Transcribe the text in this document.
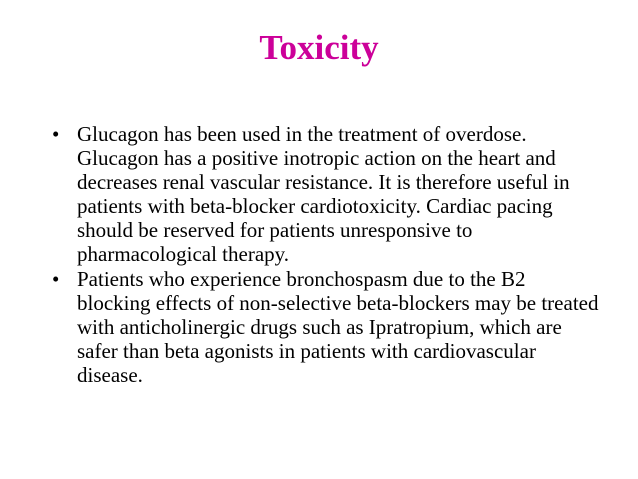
Toxicity
• Glucagon has been used in the treatment of overdose. Glucagon has a positive inotropic action on the heart and decreases renal vascular resistance. It is therefore useful in patients with beta-blocker cardiotoxicity. Cardiac pacing should be reserved for patients unresponsive to pharmacological therapy.
• Patients who experience bronchospasm due to the B2 blocking effects of non-selective beta-blockers may be treated with anticholinergic drugs such as Ipratropium, which are safer than beta agonists in patients with cardiovascular disease.
